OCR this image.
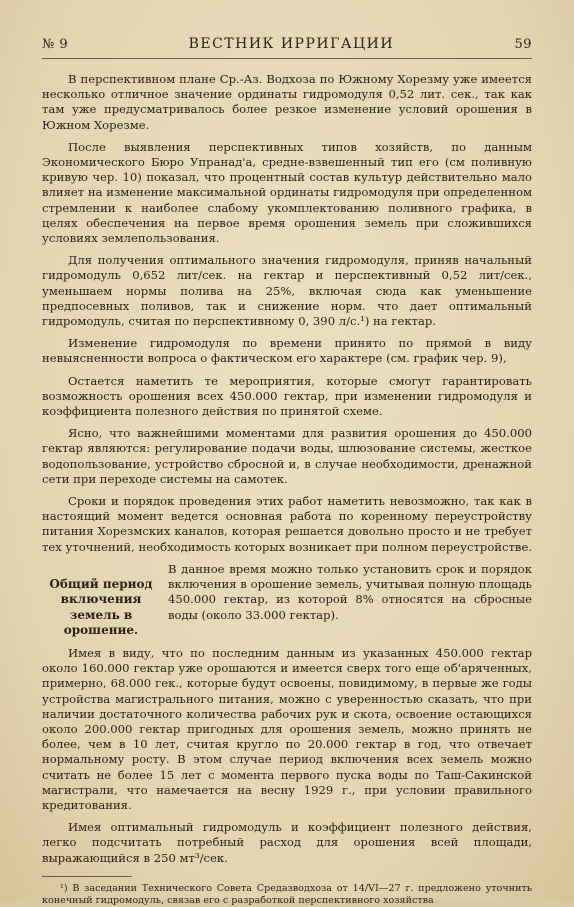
№ 9	ВЕСТНИК ИРРИГАЦИИ	59

В перспективном плане Ср.-Аз. Водхоза по Южному Хорезму уже имеется несколько отличное значение ординаты гидромодуля 0,52 лит. сек., так как там уже предусматривалось более резкое изменение условий орошения в Южном Хорезме.

После выявления перспективных типов хозяйств, по данным Экономического Бюро Упранад'а, средне-взвешенный тип его (см поливную кривую чер. 10) показал, что процентный состав культур действительно мало влияет на изменение максимальной ординаты гидромодуля при определенном стремлении к наиболее слабому укомплектованию поливного графика, в целях обеспечения на первое время орошения земель при сложившихся условиях землепользования.

Для получения оптимального значения гидромодуля, приняв начальный гидромодуль 0,652 лит/сек. на гектар и перспективный 0,52 лит/сек., уменьшаем нормы полива на 25%, включая сюда как уменьшение предпосевных поливов, так и снижение норм. что дает оптимальный гидромодуль, считая по перспективному 0, 390 л/с.¹) на гектар.

Изменение гидромодуля по времени принято по прямой в виду невыясненности вопроса о фактическом его характере (см. график чер. 9),

Остается наметить те мероприятия, которые смогут гарантировать возможность орошения всех 450.000 гектар, при изменении гидромодуля и коэффициента полезного действия по принятой схеме.

Ясно, что важнейшими моментами для развития орошения до 450.000 гектар являются: регулирование подачи воды, шлюзование системы, жесткое водопользование, устройство сбросной и, в случае необходимости, дренажной сети при переходе системы на самотек.

Сроки и порядок проведения этих работ наметить невозможно, так как в настоящий момент ведется основная работа по коренному переустройству питания Хорезмских каналов, которая решается довольно просто и не требует тех уточнений, необходимость которых возникает при полном переустройстве.

Общий период включения земель в орошение.
В данное время можно только установить срок и порядок включения в орошение земель, учитывая полную площадь 450.000 гектар, из которой 8% относятся на сбросные воды (около 33.000 гектар).

Имея в виду, что по последним данным из указанных 450.000 гектар около 160.000 гектар уже орошаются и имеется сверх того еще об'аряченных, примерно, 68.000 гек., которые будут освоены, повидимому, в первые же годы устройства магистрального питания, можно с уверенностью сказать, что при наличии достаточного количества рабочих рук и скота, освоение остающихся около 200.000 гектар пригодных для орошения земель, можно принять не более, чем в 10 лет, считая кругло по 20.000 гектар в год, что отвечает нормальному росту. В этом случае период включения всех земель можно считать не более 15 лет с момента первого пуска воды по Таш-Сакинской магистрали, что намечается на весну 1929 г., при условии правильного кредитования.

Имея оптимальный гидромодуль и коэффициент полезного действия, легко подсчитать потребный расход для орошения всей площади, выражающийся в 250 мт³/сек.

¹) В заседании Технического Совета Средазводхоза от 14/VI—27 г. предложено уточнить конечный гидромодуль, связав его с разработкой перспективного хозяйства
